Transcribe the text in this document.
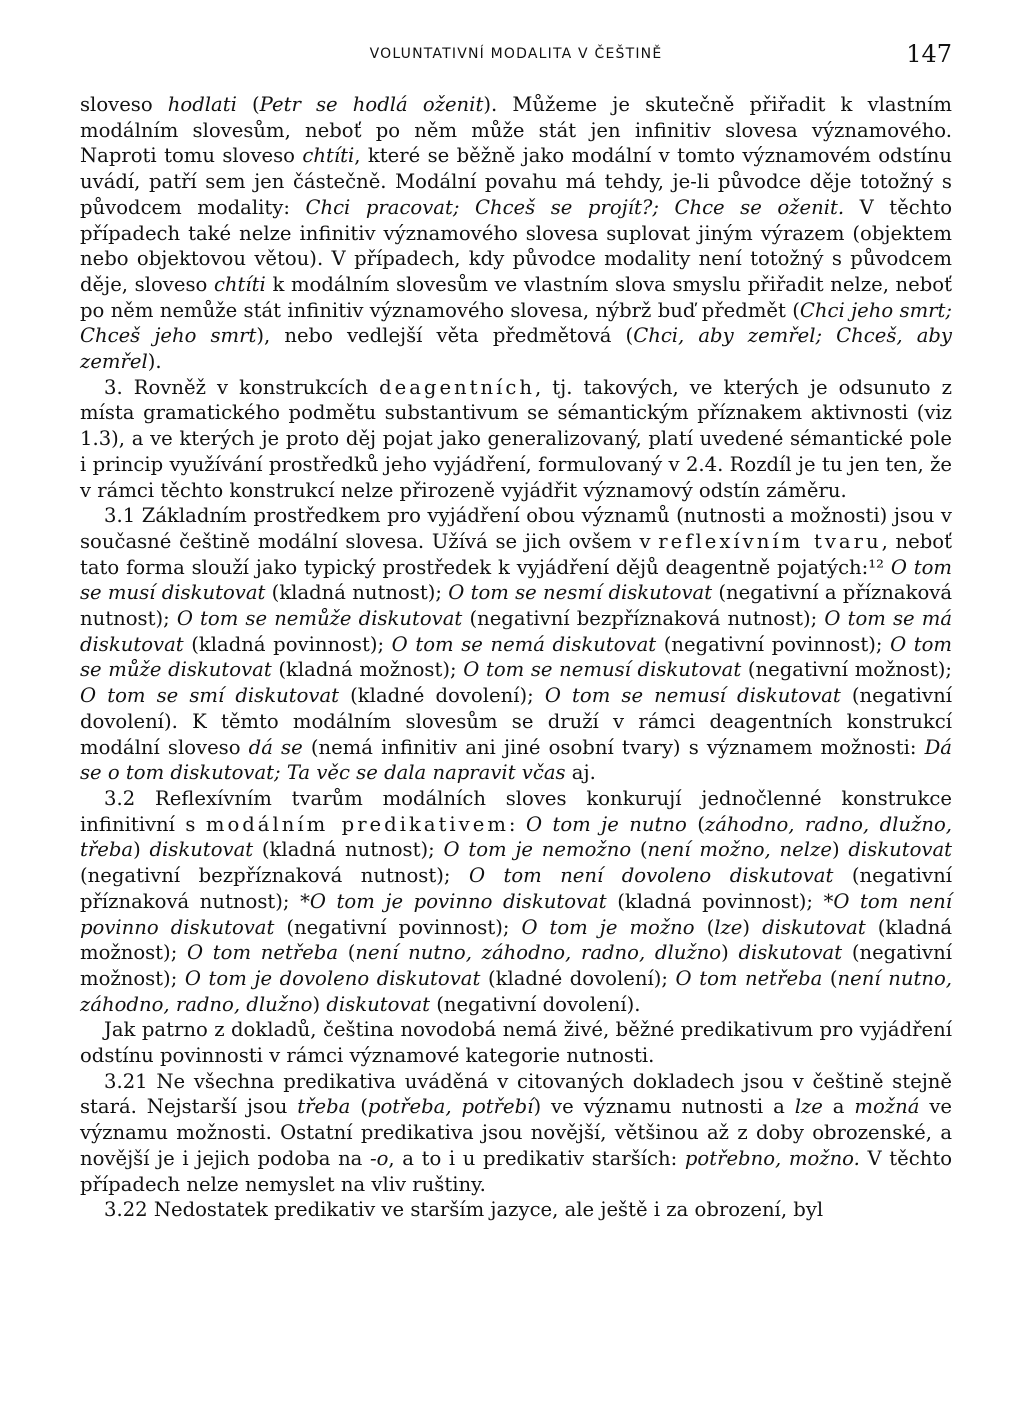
VOLUNTATIVNÍ MODALITA V ČEŠTINĚ	147

sloveso hodlati (Petr se hodlá oženit). Můžeme je skutečně přiřadit k vlastním modálním slovesům, neboť po něm může stát jen infinitiv slovesa významového. Naproti tomu sloveso chtíti, které se běžně jako modální v tomto významovém odstínu uvádí, patří sem jen částečně. Modální povahu má tehdy, je-li původce děje totožný s původcem modality: Chci pracovat; Chceš se projít?; Chce se oženit. V těchto případech také nelze infinitiv významového slovesa suplovat jiným výrazem (objektem nebo objektovou větou). V případech, kdy původce modality není totožný s původcem děje, sloveso chtíti k modálním slovesům ve vlastním slova smyslu přiřadit nelze, neboť po něm nemůže stát infinitiv významového slovesa, nýbrž buď předmět (Chci jeho smrt; Chceš jeho smrt), nebo vedlejší věta předmětová (Chci, aby zemřel; Chceš, aby zemřel).

3. Rovněž v konstrukcích deagentních, tj. takových, ve kterých je odsunuto z místa gramatického podmětu substantivum se sémantickým příznakem aktivnosti (viz 1.3), a ve kterých je proto děj pojat jako generalizovaný, platí uvedené sémantické pole i princip využívání prostředků jeho vyjádření, formulovaný v 2.4. Rozdíl je tu jen ten, že v rámci těchto konstrukcí nelze přirozeně vyjádřit významový odstín záměru.

3.1 Základním prostředkem pro vyjádření obou významů (nutnosti a možnosti) jsou v současné češtině modální slovesa. Užívá se jich ovšem v reflexívním tvaru, neboť tato forma slouží jako typický prostředek k vyjádření dějů deagentně pojatých:¹² O tom se musí diskutovat (kladná nutnost); O tom se nesmí diskutovat (negativní a příznaková nutnost); O tom se nemůže diskutovat (negativní bezpříznaková nutnost); O tom se má diskutovat (kladná povinnost); O tom se nemá diskutovat (negativní povinnost); O tom se může diskutovat (kladná možnost); O tom se nemusí diskutovat (negativní možnost); O tom se smí diskutovat (kladné dovolení); O tom se nemusí diskutovat (negativní dovolení). K těmto modálním slovesům se druží v rámci deagentních konstrukcí modální sloveso dá se (nemá infinitiv ani jiné osobní tvary) s významem možnosti: Dá se o tom diskutovat; Ta věc se dala napravit včas aj.

3.2 Reflexívním tvarům modálních sloves konkurují jednočlenné konstrukce infinitivní s modálním predikativem: O tom je nutno (záhodno, radno, dlužno, třeba) diskutovat (kladná nutnost); O tom je nemožno (není možno, nelze) diskutovat (negativní bezpříznaková nutnost); O tom není dovoleno diskutovat (negativní příznaková nutnost); *O tom je povinno diskutovat (kladná povinnost); *O tom není povinno diskutovat (negativní povinnost); O tom je možno (lze) diskutovat (kladná možnost); O tom netřeba (není nutno, záhodno, radno, dlužno) diskutovat (negativní možnost); O tom je dovoleno diskutovat (kladné dovolení); O tom netřeba (není nutno, záhodno, radno, dlužno) diskutovat (negativní dovolení).

Jak patrno z dokladů, čeština novodobá nemá živé, běžné predikativum pro vyjádření odstínu povinnosti v rámci významové kategorie nutnosti.

3.21 Ne všechna predikativa uváděná v citovaných dokladech jsou v češtině stejně stará. Nejstarší jsou třeba (potřeba, potřebí) ve významu nutnosti a lze a možná ve významu možnosti. Ostatní predikativa jsou novější, většinou až z doby obrozenské, a novější je i jejich podoba na -o, a to i u predikativ starších: potřebno, možno. V těchto případech nelze nemyslet na vliv ruštiny.

3.22 Nedostatek predikativ ve starším jazyce, ale ještě i za obrození, byl
